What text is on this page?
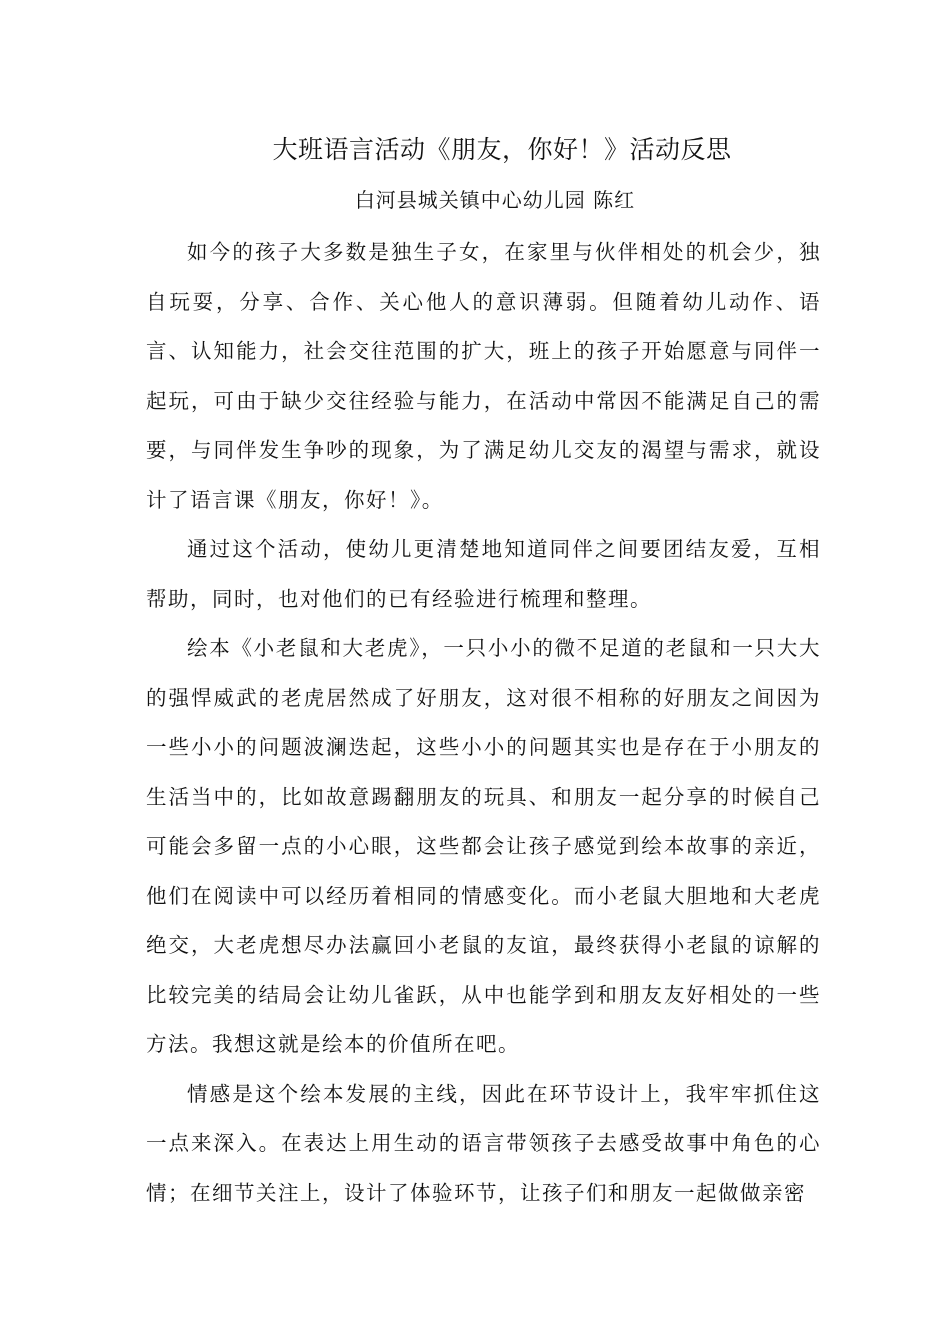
大班语言活动《朋友，你好！》活动反思
白河县城关镇中心幼儿园 陈红

如今的孩子大多数是独生子女，在家里与伙伴相处的机会少，独自玩耍，分享、合作、关心他人的意识薄弱。但随着幼儿动作、语言、认知能力，社会交往范围的扩大，班上的孩子开始愿意与同伴一起玩，可由于缺少交往经验与能力，在活动中常因不能满足自己的需要，与同伴发生争吵的现象，为了满足幼儿交友的渴望与需求，就设计了语言课《朋友，你好！》。

通过这个活动，使幼儿更清楚地知道同伴之间要团结友爱，互相帮助，同时，也对他们的已有经验进行梳理和整理。

绘本《小老鼠和大老虎》，一只小小的微不足道的老鼠和一只大大的强悍威武的老虎居然成了好朋友，这对很不相称的好朋友之间因为一些小小的问题波澜迭起，这些小小的问题其实也是存在于小朋友的生活当中的，比如故意踢翻朋友的玩具、和朋友一起分享的时候自己可能会多留一点的小心眼，这些都会让孩子感觉到绘本故事的亲近，他们在阅读中可以经历着相同的情感变化。而小老鼠大胆地和大老虎绝交，大老虎想尽办法赢回小老鼠的友谊，最终获得小老鼠的谅解的比较完美的结局会让幼儿雀跃，从中也能学到和朋友友好相处的一些方法。我想这就是绘本的价值所在吧。

情感是这个绘本发展的主线，因此在环节设计上，我牢牢抓住这一点来深入。在表达上用生动的语言带领孩子去感受故事中角色的心情；在细节关注上，设计了体验环节，让孩子们和朋友一起做做亲密
